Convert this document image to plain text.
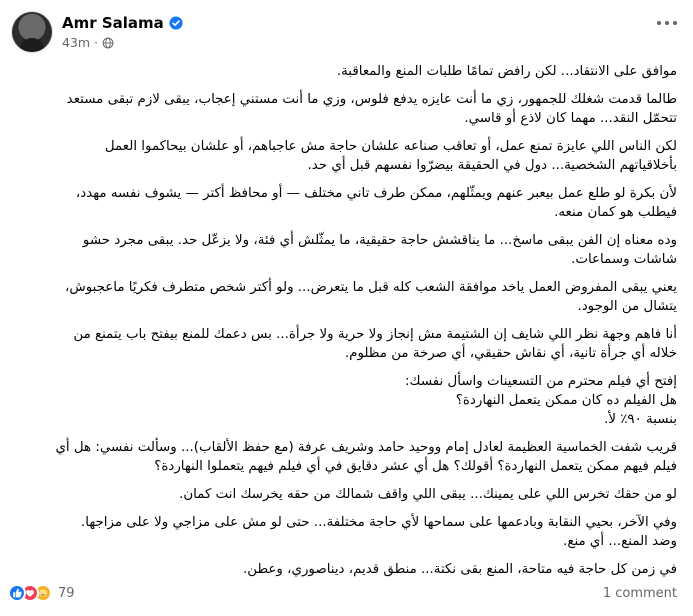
Amr Salama
43m ·

موافق على الانتقاد... لكن رافض تمامًا طلبات المنع والمعاقبة.

طالما قدمت شغلك للجمهور، زي ما أنت عايزه يدفع فلوس، وزي ما أنت مستني إعجاب، يبقى لازم تبقى مستعد
تتحمّل النقد... مهما كان لاذع أو قاسي.

لكن الناس اللي عايزة تمنع عمل، أو تعاقب صناعه علشان حاجة مش عاجباهم، أو علشان بيحاكموا العمل
بأخلاقياتهم الشخصية... دول في الحقيقة بيضرّوا نفسهم قبل أي حد.

لأن بكرة لو طلع عمل بيعبر عنهم ويمثّلهم، ممكن طرف تاني مختلف — أو محافظ أكتر — يشوف نفسه مهدد،
فيطلب هو كمان منعه.

وده معناه إن الفن يبقى ماسخ... ما يناقشش حاجة حقيقية، ما يمثّلش أي فئة، ولا يزعّل حد. يبقى مجرد حشو
شاشات وسماعات.

يعني يبقى المفروض العمل ياخد موافقة الشعب كله قبل ما يتعرض... ولو أكتر شخص متطرف فكريًا ماعجبوش،
يتشال من الوجود.

أنا فاهم وجهة نظر اللي شايف إن الشتيمة مش إنجاز ولا حرية ولا جرأة... بس دعمك للمنع بيفتح باب يتمنع من
خلاله أي جرأة تانية، أي نقاش حقيقي، أي صرخة من مظلوم.

إفتح أي فيلم محترم من التسعينات واسأل نفسك:
هل الفيلم ده كان ممكن يتعمل النهاردة؟
بنسبة ٩٠٪ لأ.

قريب شفت الخماسية العظيمة لعادل إمام ووحيد حامد وشريف عرفة (مع حفظ الألقاب)... وسألت نفسي: هل أي
فيلم فيهم ممكن يتعمل النهاردة؟ أقولك؟ هل أي عشر دقايق في أي فيلم فيهم يتعملوا النهاردة؟

لو من حقك تخرس اللي على يمينك... يبقى اللي واقف شمالك من حقه يخرسك انت كمان.

وفي الآخر، بحيي النقابة وبادعمها على سماحها لأي حاجة مختلفة... حتى لو مش على مزاجي ولا على مزاجها.
وضد المنع... أي منع.

في زمن كل حاجة فيه متاحة، المنع بقى نكتة... منطق قديم، ديناصوري، وعطن.

79	1 comment
